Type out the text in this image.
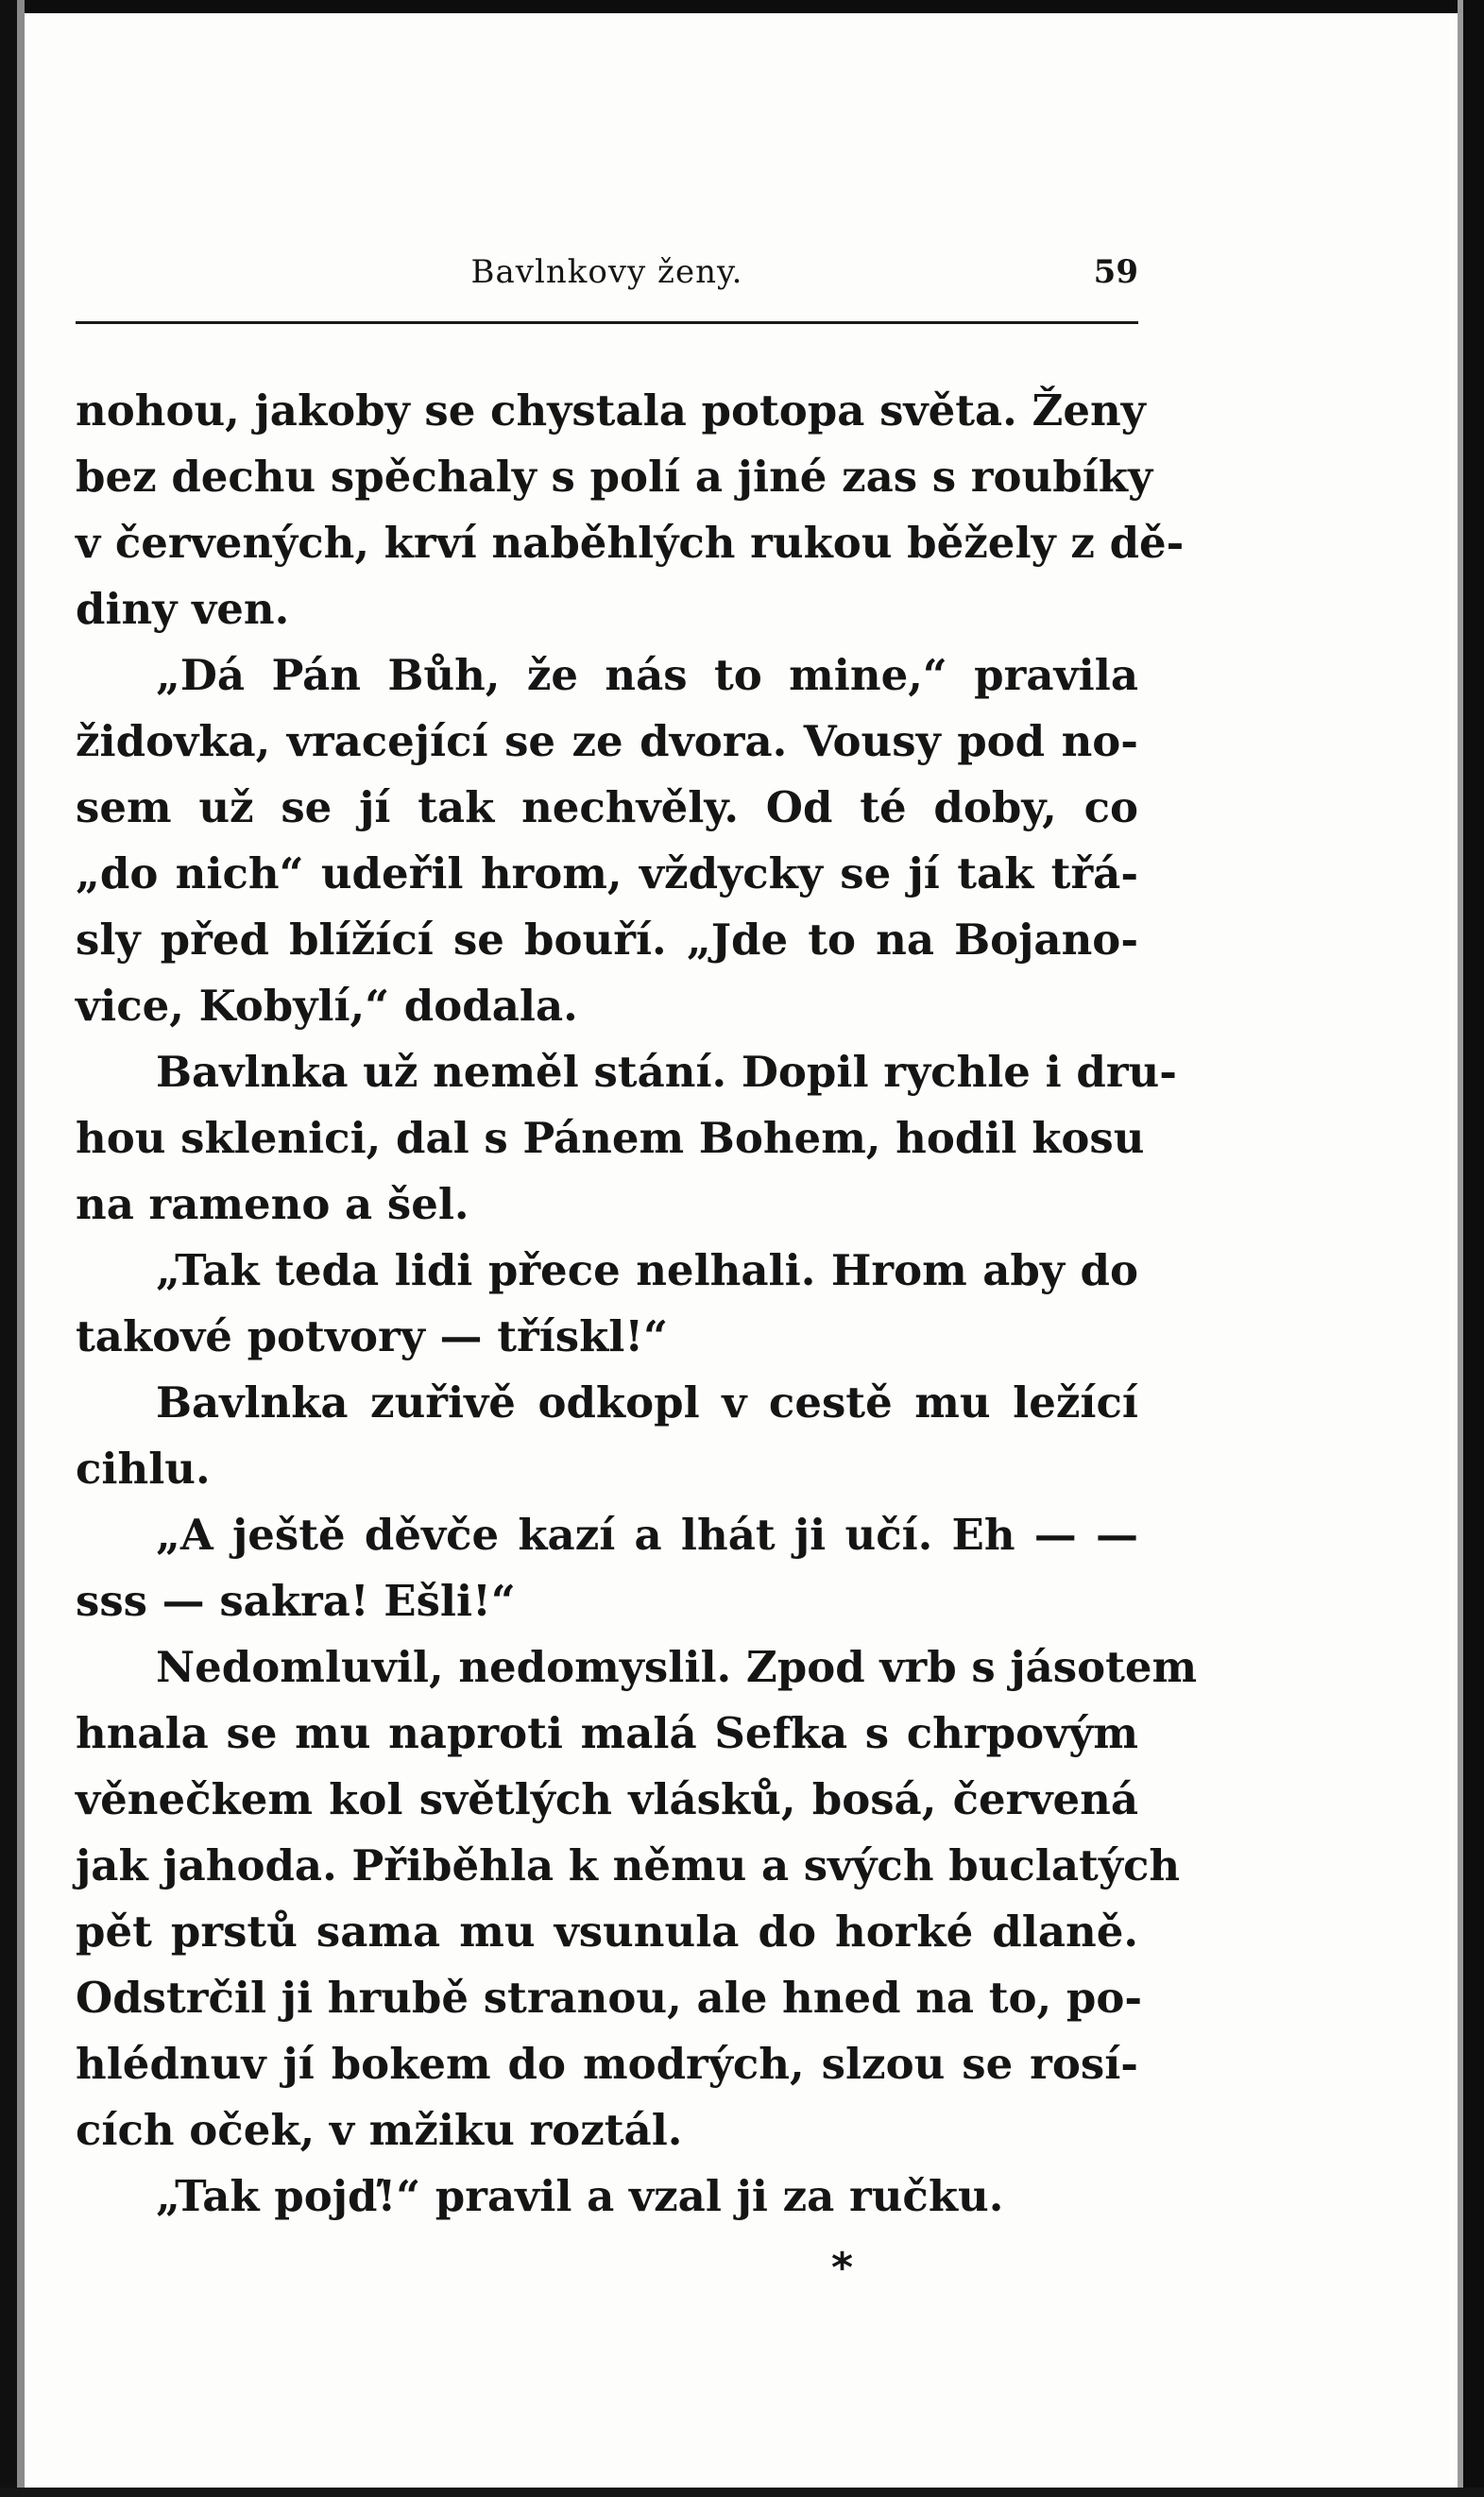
Bavlnkovy ženy.	59
nohou, jakoby se chystala potopa světa. Ženy
bez dechu spěchaly s polí a jiné zas s roubíky
v červených, krví naběhlých rukou běžely z dě-
diny ven.
„Dá Pán Bůh, že nás to mine,“ pravila
židovka, vracející se ze dvora. Vousy pod no-
sem už se jí tak nechvěly. Od té doby, co
„do nich“ udeřil hrom, vždycky se jí tak třá-
sly před blížící se bouří. „Jde to na Bojano-
vice, Kobylí,“ dodala.
Bavlnka už neměl stání. Dopil rychle i dru-
hou sklenici, dal s Pánem Bohem, hodil kosu
na rameno a šel.
„Tak teda lidi přece nelhali. Hrom aby do
takové potvory — třískl!“
Bavlnka zuřivě odkopl v cestě mu ležící
cihlu.
„A ještě děvče kazí a lhát ji učí. Eh — —
sss — sakra! Ešli!“
Nedomluvil, nedomyslil. Zpod vrb s jásotem
hnala se mu naproti malá Sefka s chrpovým
věnečkem kol světlých vlásků, bosá, červená
jak jahoda. Přiběhla k němu a svých buclatých
pět prstů sama mu vsunula do horké dlaně.
Odstrčil ji hrubě stranou, ale hned na to, po-
hlédnuv jí bokem do modrých, slzou se rosí-
cích oček, v mžiku roztál.
„Tak pojď!“ pravil a vzal ji za ručku.
*
